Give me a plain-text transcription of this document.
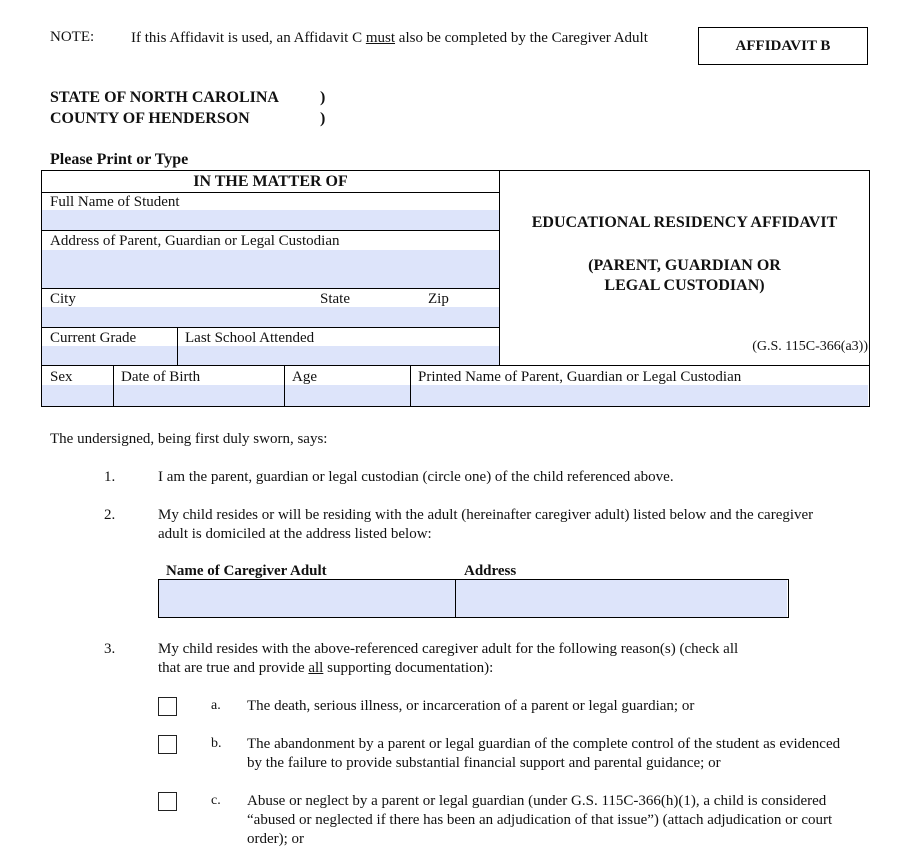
NOTE: If this Affidavit is used, an Affidavit C must also be completed by the Caregiver Adult	AFFIDAVIT B
STATE OF NORTH CAROLINA	)
COUNTY OF HENDERSON	)
Please Print or Type
IN THE MATTER OF
Full Name of Student
Address of Parent, Guardian or Legal Custodian
City	State	Zip
Current Grade	Last School Attended
Sex	Date of Birth	Age	Printed Name of Parent, Guardian or Legal Custodian
EDUCATIONAL RESIDENCY AFFIDAVIT
(PARENT, GUARDIAN OR
LEGAL CUSTODIAN)
(G.S. 115C-366(a3))
The undersigned, being first duly sworn, says:
1.	I am the parent, guardian or legal custodian (circle one) of the child referenced above.
2.	My child resides or will be residing with the adult (hereinafter caregiver adult) listed below and the caregiver adult is domiciled at the address listed below:
Name of Caregiver Adult	Address
3.	My child resides with the above-referenced caregiver adult for the following reason(s) (check all that are true and provide all supporting documentation):
a. The death, serious illness, or incarceration of a parent or legal guardian; or
b. The abandonment by a parent or legal guardian of the complete control of the student as evidenced by the failure to provide substantial financial support and parental guidance; or
c. Abuse or neglect by a parent or legal guardian (under G.S. 115C-366(h)(1), a child is considered “abused or neglected if there has been an adjudication of that issue”) (attach adjudication or court order); or
